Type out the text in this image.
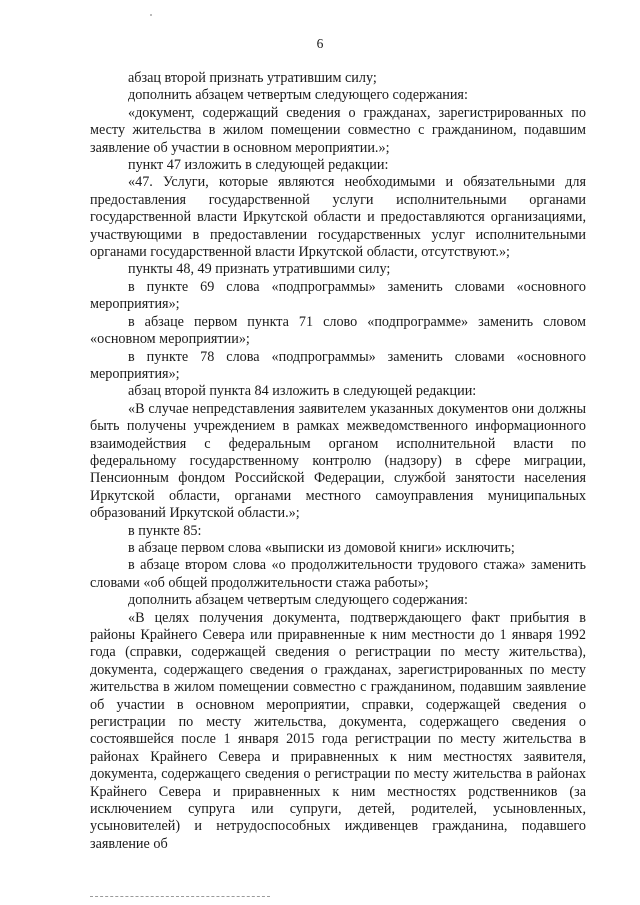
6

абзац второй признать утратившим силу;

дополнить абзацем четвертым следующего содержания:

«документ, содержащий сведения о гражданах, зарегистрированных по месту жительства в жилом помещении совместно с гражданином, подавшим заявление об участии в основном мероприятии.»;

пункт 47 изложить в следующей редакции:

«47. Услуги, которые являются необходимыми и обязательными для предоставления государственной услуги исполнительными органами государственной власти Иркутской области и предоставляются организациями, участвующими в предоставлении государственных услуг исполнительными органами государственной власти Иркутской области, отсутствуют.»;

пункты 48, 49 признать утратившими силу;

в пункте 69 слова «подпрограммы» заменить словами «основного мероприятия»;

в абзаце первом пункта 71 слово «подпрограмме» заменить словом «основном мероприятии»;

в пункте 78 слова «подпрограммы» заменить словами «основного мероприятия»;

абзац второй пункта 84 изложить в следующей редакции:

«В случае непредставления заявителем указанных документов они должны быть получены учреждением в рамках межведомственного информационного взаимодействия с федеральным органом исполнительной власти по федеральному государственному контролю (надзору) в сфере миграции, Пенсионным фондом Российской Федерации, службой занятости населения Иркутской области, органами местного самоуправления муниципальных образований Иркутской области.»;

в пункте 85:

в абзаце первом слова «выписки из домовой книги» исключить;

в абзаце втором слова «о продолжительности трудового стажа» заменить словами «об общей продолжительности стажа работы»;

дополнить абзацем четвертым следующего содержания:

«В целях получения документа, подтверждающего факт прибытия в районы Крайнего Севера или приравненные к ним местности до 1 января 1992 года (справки, содержащей сведения о регистрации по месту жительства), документа, содержащего сведения о гражданах, зарегистрированных по месту жительства в жилом помещении совместно с гражданином, подавшим заявление об участии в основном мероприятии, справки, содержащей сведения о регистрации по месту жительства, документа, содержащего сведения о состоявшейся после 1 января 2015 года регистрации по месту жительства в районах Крайнего Севера и приравненных к ним местностях заявителя, документа, содержащего сведения о регистрации по месту жительства в районах Крайнего Севера и приравненных к ним местностях родственников (за исключением супруга или супруги, детей, родителей, усыновленных, усыновителей) и нетрудоспособных иждивенцев гражданина, подавшего заявление об
